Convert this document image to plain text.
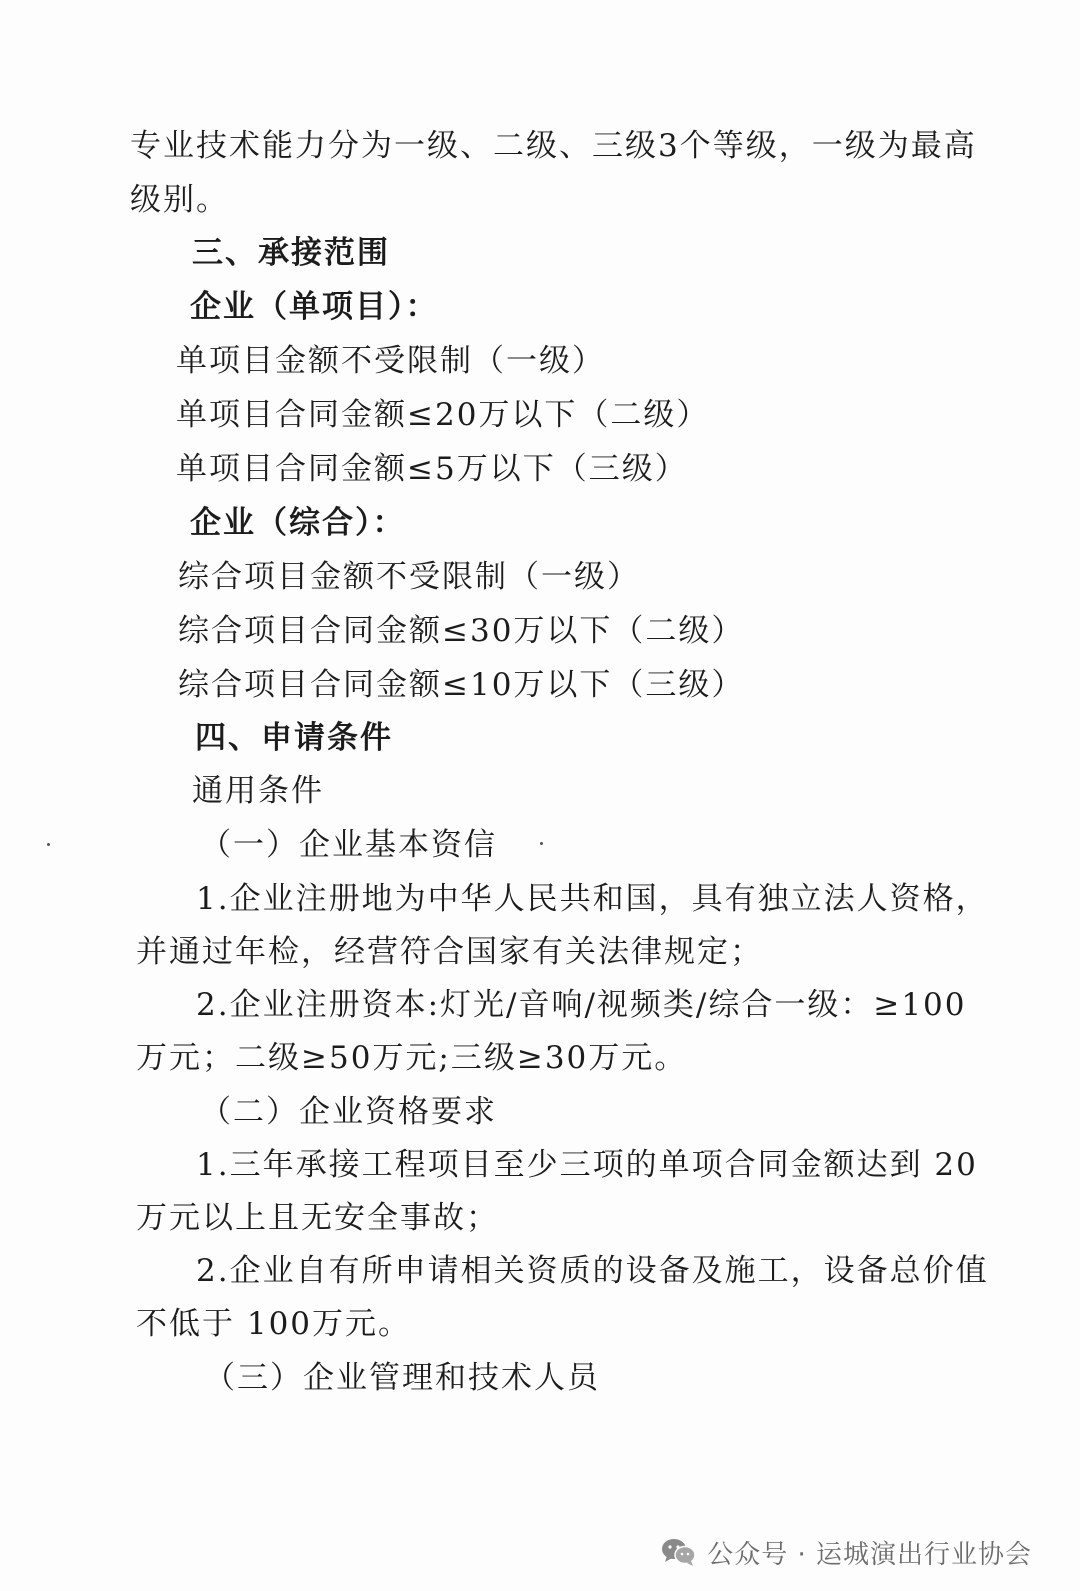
专业技术能力分为一级、二级、三级3个等级，一级为最高
级别。
三、承接范围
企业（单项目）：
单项目金额不受限制（一级）
单项目合同金额≤20万以下（二级）
单项目合同金额≤5万以下（三级）
企业（综合）：
综合项目金额不受限制（一级）
综合项目合同金额≤30万以下（二级）
综合项目合同金额≤10万以下（三级）
四、申请条件
通用条件
（一）企业基本资信
1.企业注册地为中华人民共和国，具有独立法人资格，
并通过年检，经营符合国家有关法律规定；
2.企业注册资本:灯光/音响/视频类/综合一级：≥100
万元；二级≥50万元;三级≥30万元。
（二）企业资格要求
1.三年承接工程项目至少三项的单项合同金额达到 20
万元以上且无安全事故；
2.企业自有所申请相关资质的设备及施工，设备总价值
不低于 100万元。
（三）企业管理和技术人员
公众号 · 运城演出行业协会
